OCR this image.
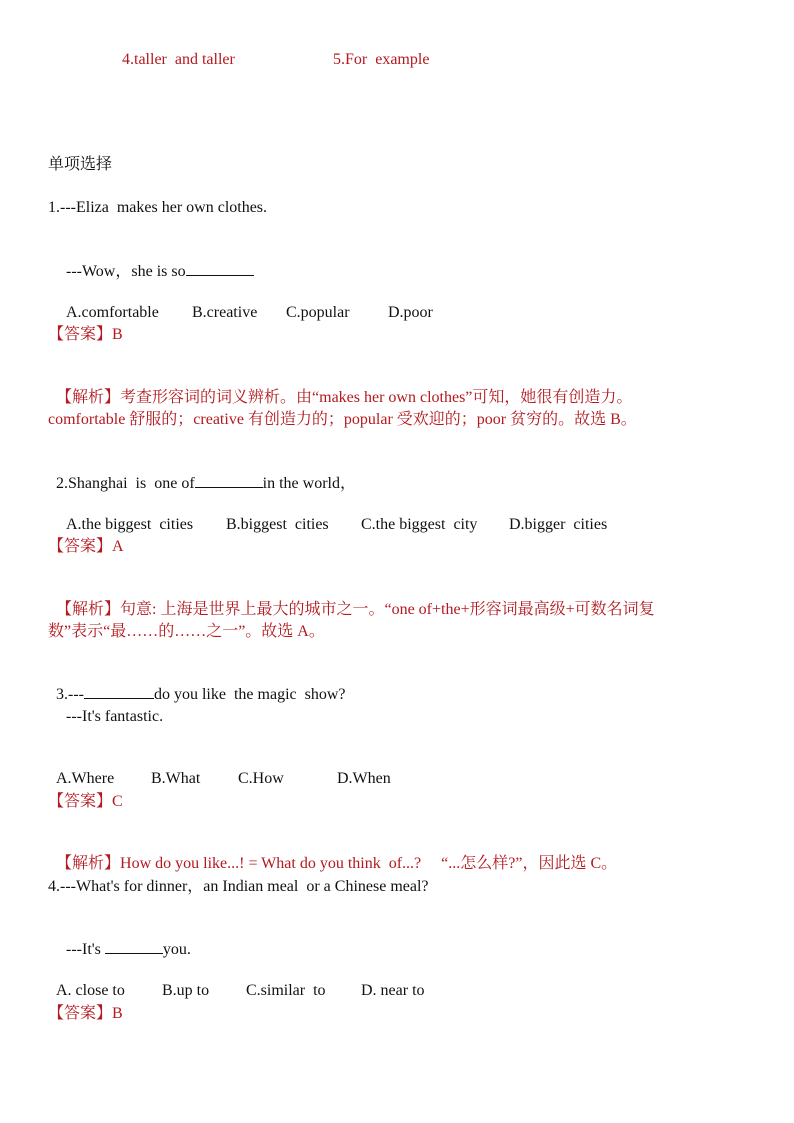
4.taller  and taller	5.For  example
单项选择
1.---Eliza  makes her own clothes.

---Wow，she is so

A.comfortable B.creative C.popular D.poor

【答案】B

【解析】考查形容词的词义辨析。由“makes her own clothes”可知，她很有创造力。

comfortable 舒服的；creative 有创造力的；popular 受欢迎的；poor 贫穷的。故选 B。

2.Shanghai  is  one of	in the world，

A.the biggest  cities B.biggest  cities C.the biggest  city D.bigger  cities

【答案】A

【解析】句意: 上海是世界上最大的城市之一。“one of+the+形容词最高级+可数名词复

数”表示“最……的……之一”。故选 A。

3.---	do you like  the magic  show?

---It's fantastic.

A.Where B.What C.How	D.When

【答案】C

【解析】How do you like...! = What do you think  of...?     “...怎么样?”，因此选 C。

4.---What's for dinner，an Indian meal  or a Chinese meal?

---It's	you.

A. close to B.up to C.similar  to D. near to

【答案】B
